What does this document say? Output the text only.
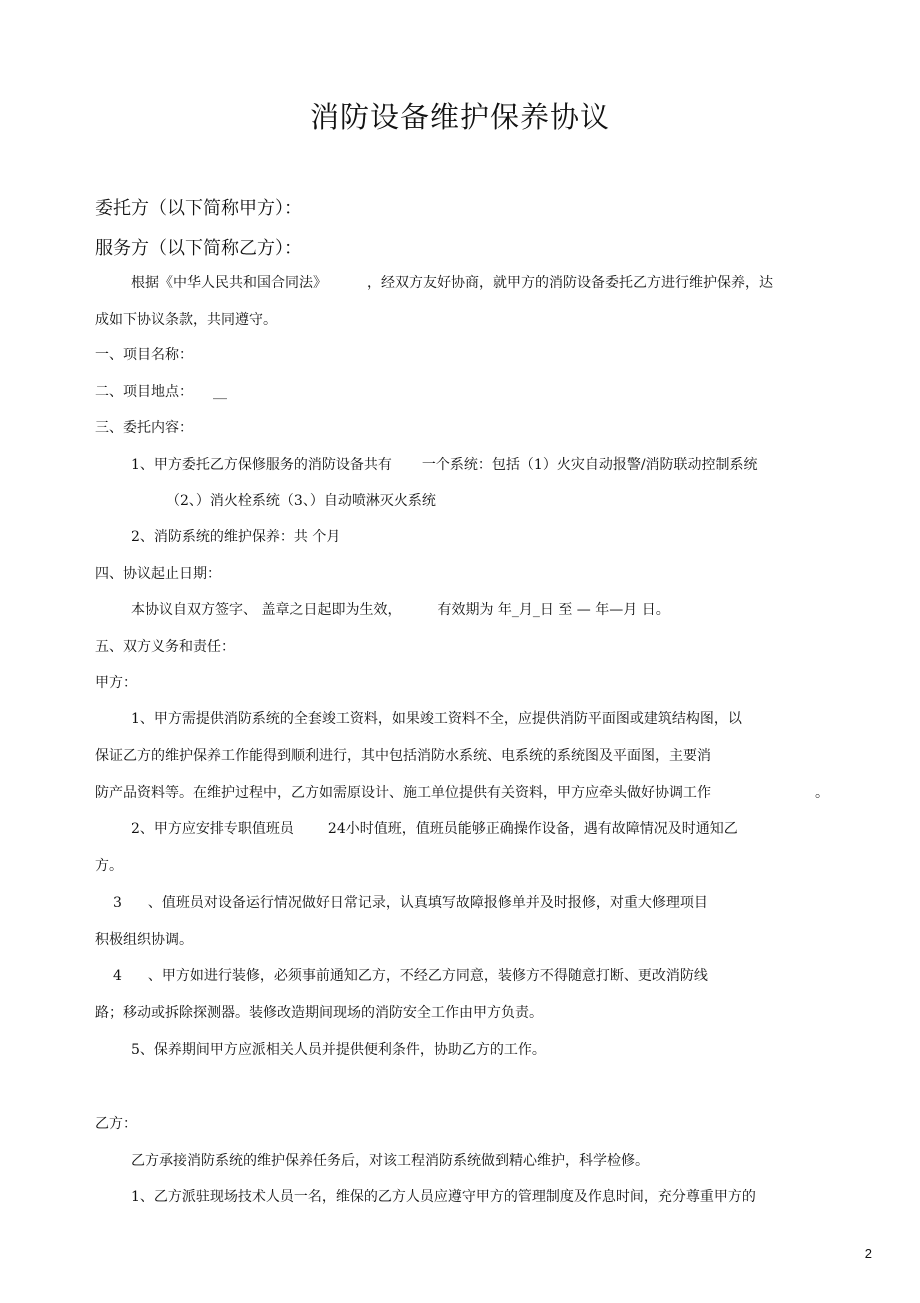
消防设备维护保养协议
委托方（以下简称甲方）：
服务方（以下简称乙方）：
根据《中华人民共和国合同法》	，经双方友好协商，就甲方的消防设备委托乙方进行维护保养，达
成如下协议条款，共同遵守。
一、项目名称：
二、项目地点： __
三、委托内容：
1、甲方委托乙方保修服务的消防设备共有 一个系统：包括（1）火灾自动报警/消防联动控制系统
（2、）消火栓系统（3、）自动喷淋灭火系统
2、消防系统的维护保养：共 个月
四、协议起止日期：
本协议自双方签字、 盖章之日起即为生效，	有效期为 年_月_日 至 — 年—月 日。
五、双方义务和责任：
甲方：
1、甲方需提供消防系统的全套竣工资料，如果竣工资料不全，应提供消防平面图或建筑结构图，以
保证乙方的维护保养工作能得到顺利进行，其中包括消防水系统、电系统的系统图及平面图，主要消
防产品资料等。在维护过程中，乙方如需原设计、施工单位提供有关资料，甲方应牵头做好协调工作	。
2、甲方应安排专职值班员 24小时值班，值班员能够正确操作设备，遇有故障情况及时通知乙
方。
3 、值班员对设备运行情况做好日常记录，认真填写故障报修单并及时报修，对重大修理项目
积极组织协调。
4 、甲方如进行装修，必须事前通知乙方，不经乙方同意，装修方不得随意打断、更改消防线
路；移动或拆除探测器。装修改造期间现场的消防安全工作由甲方负责。
5、保养期间甲方应派相关人员并提供便利条件，协助乙方的工作。
乙方：
乙方承接消防系统的维护保养任务后，对该工程消防系统做到精心维护，科学检修。
1、乙方派驻现场技术人员一名，维保的乙方人员应遵守甲方的管理制度及作息时间，充分尊重甲方的
2
